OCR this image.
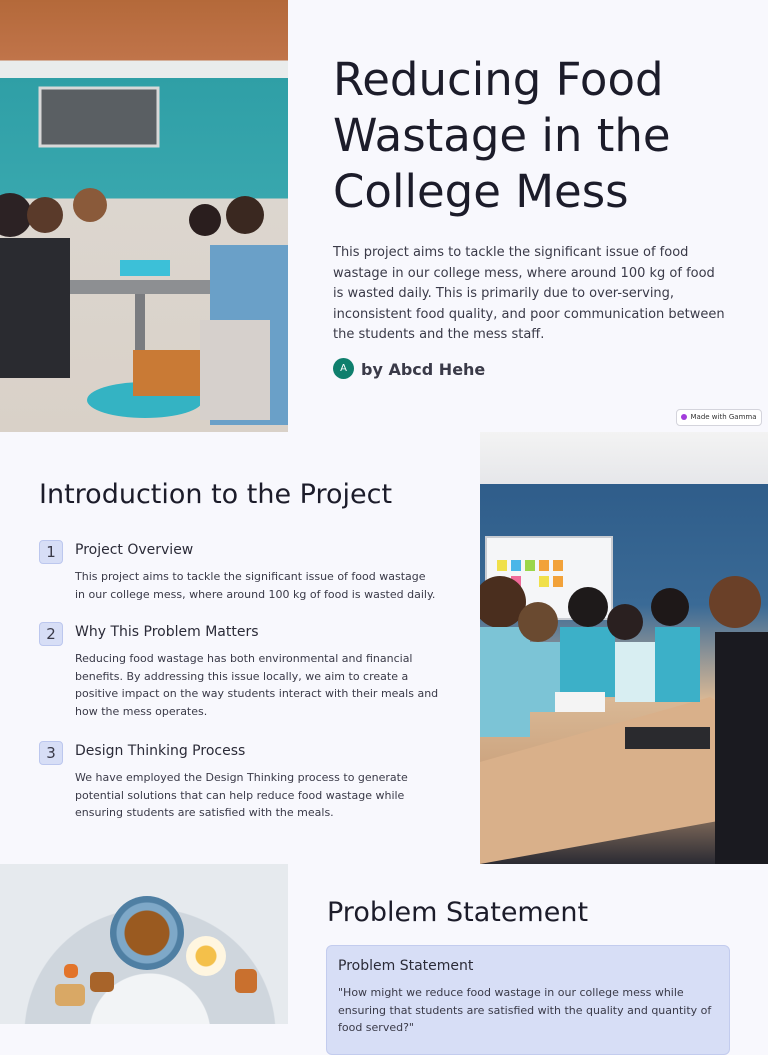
Reducing Food Wastage in the College Mess

This project aims to tackle the significant issue of food wastage in our college mess, where around 100 kg of food is wasted daily. This is primarily due to over-serving, inconsistent food quality, and poor communication between the students and the mess staff.

A by Abcd Hehe
Made with Gamma
Introduction to the Project
1	Project Overview

This project aims to tackle the significant issue of food wastage in our college mess, where around 100 kg of food is wasted daily.

2	Why This Problem Matters

Reducing food wastage has both environmental and financial benefits. By addressing this issue locally, we aim to create a positive impact on the way students interact with their meals and how the mess operates.

3	Design Thinking Process

We have employed the Design Thinking process to generate potential solutions that can help reduce food wastage while ensuring students are satisfied with the meals.

Problem Statement
Problem Statement

"How might we reduce food wastage in our college mess while ensuring that students are satisfied with the quality and quantity of food served?"
